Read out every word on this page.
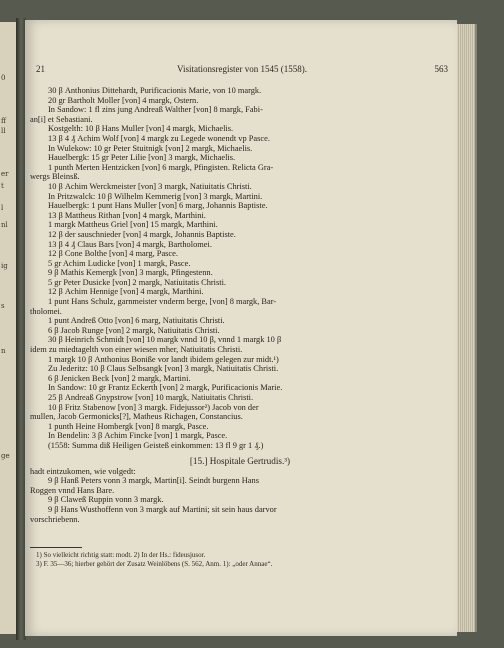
0
ff
ll
er
t
l
nl
ig
s
n
ge
21	Visitationsregister von 1545 (1558).	563
30 β Anthonius Dittehardt, Purificacionis Marie, von 10 margk.
20 gr Bartholt Moller [von] 4 margk, Ostern.
In Sandow: 1 fl zins jung Andreaß Walther [von] 8 margk, Fabi-
an[i] et Sebastiani.
Kostgelth: 10 β Hans Muller [von] 4 margk, Michaelis.
13 β 4 ₰ Achim Wolf [von] 4 margk zu Legede wonendt vp Pasce.
In Wulekow: 10 gr Peter Stuitnigk [von] 2 margk, Michaelis.
Hauelbergk: 15 gr Peter Lilie [von] 3 margk, Michaelis.
1 punth Merten Hentzicken [von] 6 margk, Pfingisten. Relicta Gra-
wergs Bleinsß.
10 β Achim Werckmeister [von] 3 margk, Natiuitatis Christi.
In Pritzwalck: 10 β Wilhelm Kemmerig [von] 3 margk, Martini.
Hauelbergk: 1 punt Hans Muller [von] 6 marg, Johannis Baptiste.
13 β Mattheus Rithan [von] 4 margk, Marthini.
1 margk Mattheus Griel [von] 15 margk, Marthini.
12 β der sauschnieder [von] 4 margk, Johannis Baptiste.
13 β 4 ₰ Claus Bars [von] 4 margk, Bartholomei.
12 β Cone Bolthe [von] 4 marg, Pasce.
5 gr Achim Ludicke [von] 1 margk, Pasce.
9 β Mathis Kemergk [von] 3 margk, Pfingestenn.
5 gr Peter Dusicke [von] 2 margk, Natiuitatis Christi.
12 β Achim Hennige [von] 4 margk, Marthini.
1 punt Hans Schulz, garnmeister vnderm berge, [von] 8 margk, Bar-
tholomei.
1 punt Andreß Otto [von] 6 marg, Natiuitatis Christi.
6 β Jacob Runge [von] 2 margk, Natiuitatis Christi.
30 β Heinrich Schmidt [von] 10 margk vnnd 10 β, vnnd 1 margk 10 β
idem zu miedtagelth von einer wiesen mher, Natiuitatis Christi.
1 margk 10 β Anthonius Boniße vor landt ibidem gelegen zur midt.¹)
Zu Jederitz: 10 β Claus Selbsangk [von] 3 margk, Natiuitatis Christi.
6 β Jenicken Beck [von] 2 margk, Martini.
In Sandow: 10 gr Frantz Eckerth [von] 2 margk, Purificacionis Marie.
25 β Andreaß Gnypstrow [von] 10 margk, Natiuitatis Christi.
10 β Fritz Stabenow [von] 3 margk. Fidejussor²) Jacob von der
mullen, Jacob Germonicks[?], Matheus Richagen, Constancius.
1 punth Heine Hombergk [von] 8 margk, Pasce.
In Bendelin: 3 β Achim Fincke [von] 1 margk, Pasce.
(1558: Summa diß Heiligen Geisteß einkommen: 13 fl 9 gr 1 ₰.)
[15.] Hospitale Gertrudis.³)
hadt eintzukomen, wie volgedt:
9 β Hanß Peters vonn 3 margk, Martin[i]. Seindt burgenn Hans
Roggen vnnd Hans Bare.
9 β Claweß Ruppin vonn 3 margk.
9 β Hans Wusthoffenn von 3 margk auf Martini; sit sein haus darvor
vorschriebenn.
1) So vielleicht richtig statt: modt. 2) In der Hs.: fideusjusor.
3) F. 35—36; hierber gehört der Zusatz Weinlöbens (S. 562, Anm. 1): „oder Annae“.
